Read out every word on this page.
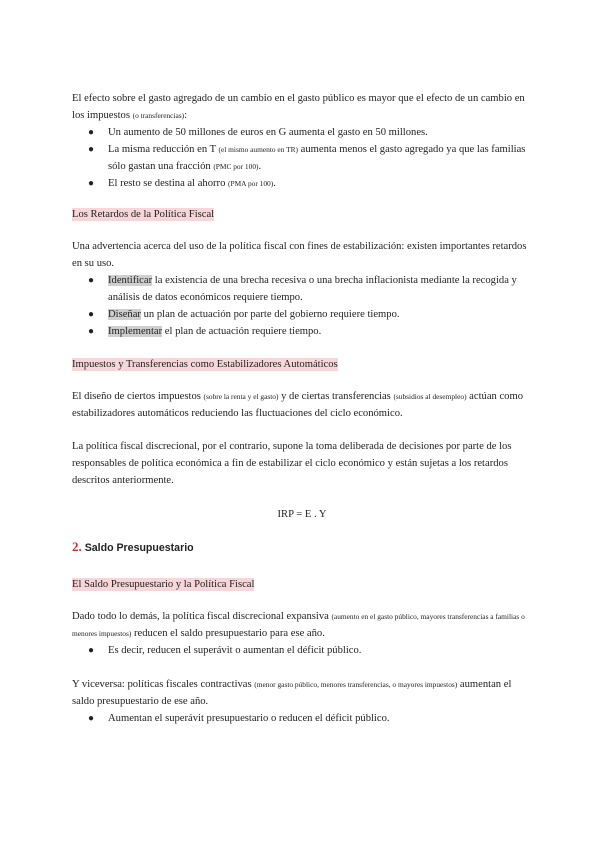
El efecto sobre el gasto agregado de un cambio en el gasto público es mayor que el efecto de un cambio en los impuestos (o transferencias):

● Un aumento de 50 millones de euros en G aumenta el gasto en 50 millones.
● La misma reducción en T (el mismo aumento en TR) aumenta menos el gasto agregado ya que las familias sólo gastan una fracción (PMC por 100).
● El resto se destina al ahorro (PMA por 100).

Los Retardos de la Política Fiscal

Una advertencia acerca del uso de la política fiscal con fines de estabilización: existen importantes retardos en su uso.

● Identificar la existencia de una brecha recesiva o una brecha inflacionista mediante la recogida y análisis de datos económicos requiere tiempo.
● Diseñar un plan de actuación por parte del gobierno requiere tiempo.
● Implementar el plan de actuación requiere tiempo.

Impuestos y Transferencias como Estabilizadores Automáticos

El diseño de ciertos impuestos (sobre la renta y el gasto) y de ciertas transferencias (subsidios al desempleo) actúan como estabilizadores automáticos reduciendo las fluctuaciones del ciclo económico.

La política fiscal discrecional, por el contrario, supone la toma deliberada de decisiones por parte de los responsables de política económica a fin de estabilizar el ciclo económico y están sujetas a los retardos descritos anteriormente.

IRP = E . Y

2. Saldo Presupuestario

El Saldo Presupuestario y la Política Fiscal

Dado todo lo demás, la política fiscal discrecional expansiva (aumento en el gasto público, mayores transferencias a familias o menores impuestos) reducen el saldo presupuestario para ese año.

● Es decir, reducen el superávit o aumentan el déficit público.

Y viceversa: políticas fiscales contractivas (menor gasto público, menores transferencias, o mayores impuestos) aumentan el saldo presupuestario de ese año.

● Aumentan el superávit presupuestario o reducen el déficit público.
